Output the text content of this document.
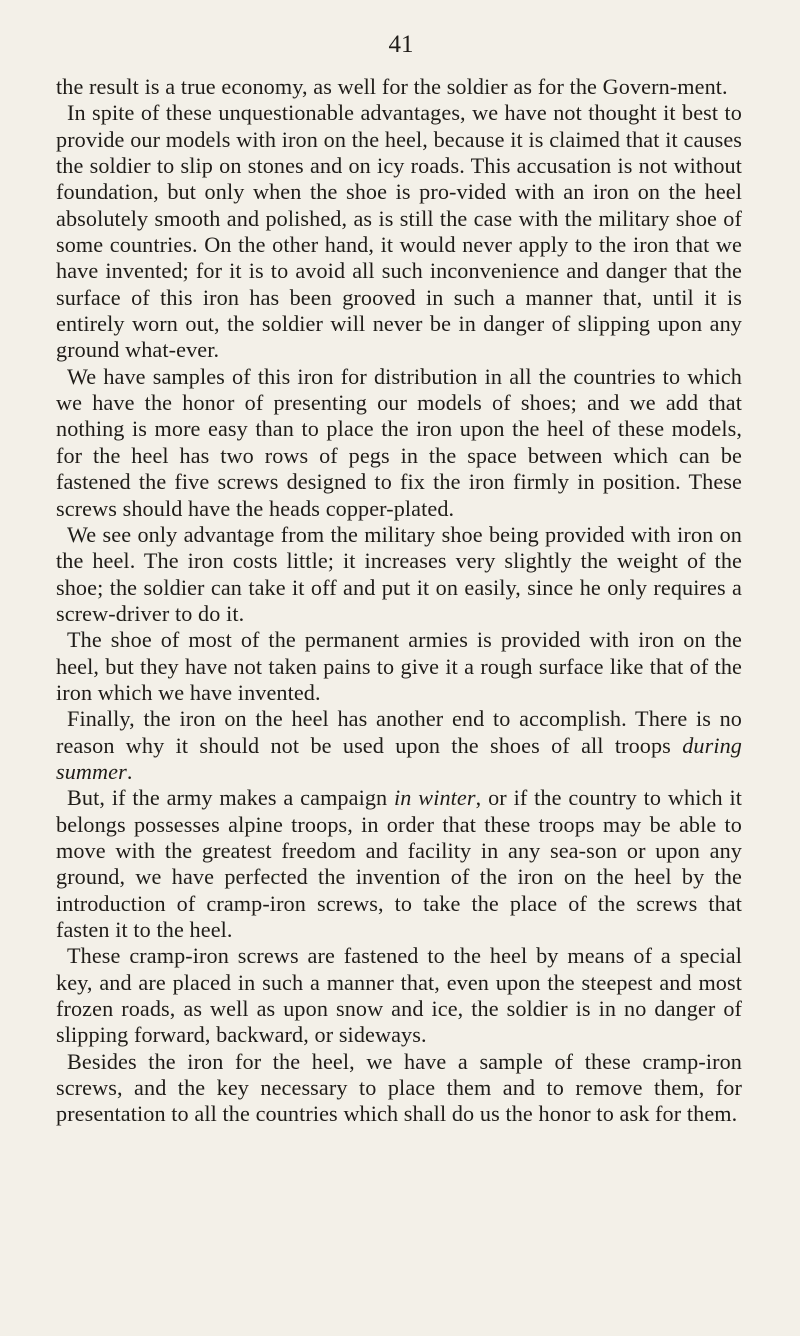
41

the result is a true economy, as well for the soldier as for the Govern-ment.

In spite of these unquestionable advantages, we have not thought it best to provide our models with iron on the heel, because it is claimed that it causes the soldier to slip on stones and on icy roads. This accusation is not without foundation, but only when the shoe is pro-vided with an iron on the heel absolutely smooth and polished, as is still the case with the military shoe of some countries. On the other hand, it would never apply to the iron that we have invented; for it is to avoid all such inconvenience and danger that the surface of this iron has been grooved in such a manner that, until it is entirely worn out, the soldier will never be in danger of slipping upon any ground what-ever.

We have samples of this iron for distribution in all the countries to which we have the honor of presenting our models of shoes; and we add that nothing is more easy than to place the iron upon the heel of these models, for the heel has two rows of pegs in the space between which can be fastened the five screws designed to fix the iron firmly in position. These screws should have the heads copper-plated.

We see only advantage from the military shoe being provided with iron on the heel. The iron costs little; it increases very slightly the weight of the shoe; the soldier can take it off and put it on easily, since he only requires a screw-driver to do it.

The shoe of most of the permanent armies is provided with iron on the heel, but they have not taken pains to give it a rough surface like that of the iron which we have invented.

Finally, the iron on the heel has another end to accomplish. There is no reason why it should not be used upon the shoes of all troops during summer.

But, if the army makes a campaign in winter, or if the country to which it belongs possesses alpine troops, in order that these troops may be able to move with the greatest freedom and facility in any sea-son or upon any ground, we have perfected the invention of the iron on the heel by the introduction of cramp-iron screws, to take the place of the screws that fasten it to the heel.

These cramp-iron screws are fastened to the heel by means of a special key, and are placed in such a manner that, even upon the steepest and most frozen roads, as well as upon snow and ice, the soldier is in no danger of slipping forward, backward, or sideways.

Besides the iron for the heel, we have a sample of these cramp-iron screws, and the key necessary to place them and to remove them, for presentation to all the countries which shall do us the honor to ask for them.
